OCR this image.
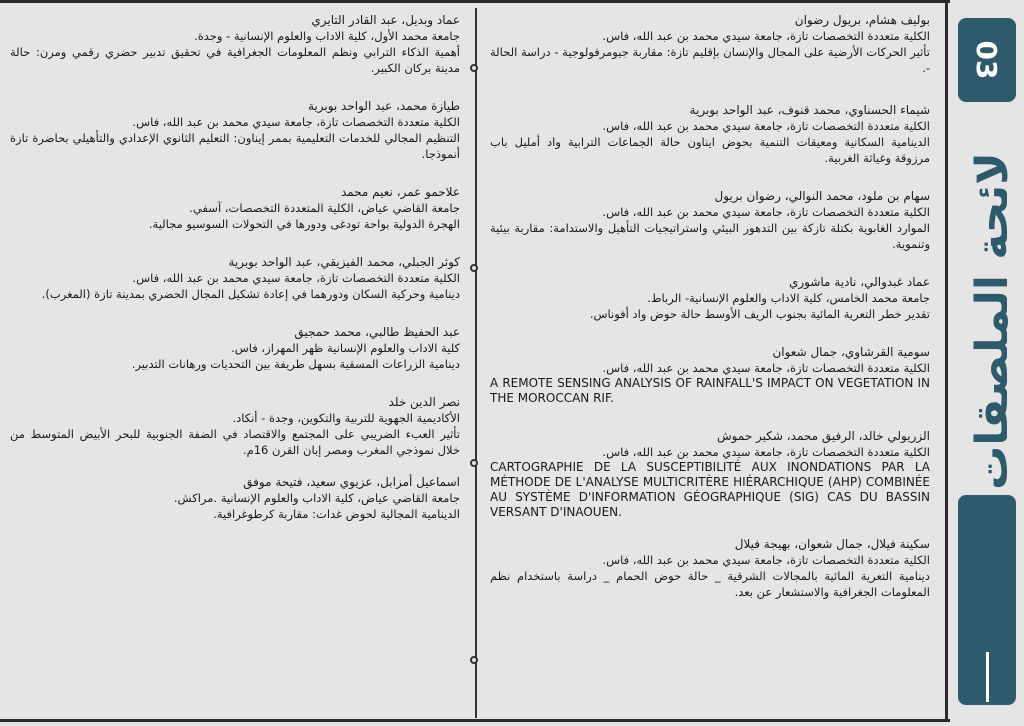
03
لائحة الملصقات

بوليف هشام، بريول رضوان

الكلية متعددة التخصصات تازة، جامعة سيدي محمد بن عبد الله، فاس.

تأثير الحركات الأرضية على المجال والإنسان بإقليم تازة: مقاربة جيومرفولوجية - دراسة الحالة -.

شيماء الحسناوي، محمد قنوف، عبد الواحد بوبرية

الكلية متعددة التخصصات تازة، جامعة سيدي محمد بن عبد الله، فاس.

الدينامية السكانية ومعيقات التنمية بحوض ايناون حالة الجماعات الترابية واد أمليل باب مرزوقة وغياثة الغربية.

سهام بن ملود، محمد النوالي، رضوان بريول

الكلية متعددة التخصصات تازة، جامعة سيدي محمد بن عبد الله، فاس.

الموارد الغابوية بكتلة تازكة بين التدهور البيئي واستراتيجيات التأهيل والاستدامة: مقاربة بيئية وتنموية.

عماد غبدوالي، نادية ماشوري

جامعة محمد الخامس، كلية الاداب والعلوم الإنسانية- الرباط.

تقدير خطر التعرية المائية بجنوب الريف الأوسط حالة حوض واد أفوناس.

سومية القرشاوي، جمال شعوان

الكلية متعددة التخصصات تازة، جامعة سيدي محمد بن عبد الله، فاس.

A REMOTE SENSING ANALYSIS OF RAINFALL'S IMPACT ON VEGETATION IN THE MOROCCAN RIF.

الزريولي خالد، الرفيق محمد، شكير حموش

الكلية متعددة التخصصات تازة، جامعة سيدي محمد بن عبد الله، فاس.

CARTOGRAPHIE DE LA SUSCEPTIBILITÉ AUX INONDATIONS PAR LA MÉTHODE DE L'ANALYSE MULTICRITÈRE HIÉRARCHIQUE (AHP) COMBINÉE AU SYSTÈME D'INFORMATION GÉOGRAPHIQUE (SIG) CAS DU BASSIN VERSANT D'INAOUEN.

سكينة فيلال، جمال شعوان، بهيجة فيلال

الكلية متعددة التخصصات تازة، جامعة سيدي محمد بن عبد الله، فاس.

دينامية التعرية المائية بالمجالات الشرقية _ حالة حوض الحمام _ دراسة باستخدام نظم المعلومات الجغرافية والاستشعار عن بعد.

عماد وبديل، عبد القادر التايري

جامعة محمد الأول، كلية الاداب والعلوم الإنسانية - وجدة.

أهمية الذكاء الترابي ونظم المعلومات الجغرافية في تحقيق تدبير حضري رقمي ومرن: حالة مدينة بركان الكبير.

طيازة محمد، عبد الواحد بوبرية

الكلية متعددة التخصصات تازة، جامعة سيدي محمد بن عبد الله، فاس.

التنظيم المجالي للخدمات التعليمية بممر إيناون: التعليم الثانوي الإعدادي والتأهيلي بحاضرة تازة أنموذجا.

علاحمو عمر، نعيم محمد

جامعة القاضي عياض، الكلية المتعددة التخصصات، آسفي.

الهجرة الدولية بواحة تودغى ودورها في التحولات السوسيو مجالية.

كوثر الجبلي، محمد الفيزيقي، عبد الواحد بوبرية

الكلية متعددة التخصصات تازة، جامعة سيدي محمد بن عبد الله، فاس.

دينامية وحركية السكان ودورهما في إعادة تشكيل المجال الحضري بمدينة تازة (المغرب).

عبد الحفيظ طالبي، محمد حمجيق

كلية الاداب والعلوم الإنسانية ظهر المهراز، فاس.

دينامية الزراعات المسقية بسهل طريفة بين التحديات ورهانات التدبير.

نصر الدين خلد

الأكاديمية الجهوية للتربية والتكوين، وجدة - أنكاد.

تأثير العبء الضريبي على المجتمع والاقتصاد في الضفة الجنوبية للبحر الأبيض المتوسط من خلال نموذجي المغرب ومصر إبان القرن 16م.

اسماعيل أمزابل، عزيوي سعيد، فتيحة موفق

جامعة القاضي عياض، كلية الاداب والعلوم الإنسانية .مراكش.

الدينامية المجالية لحوض غدات: مقاربة كرطوغرافية.
